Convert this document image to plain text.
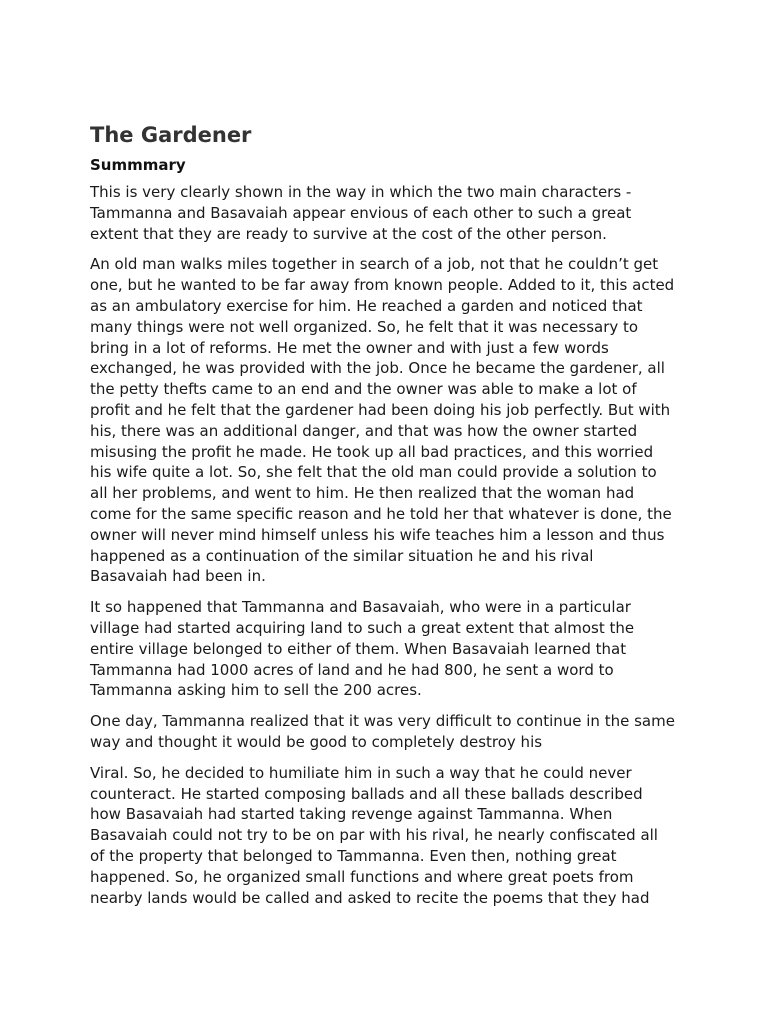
The Gardener
Summmary

This is very clearly shown in the way in which the two main characters -
Tammanna and Basavaiah appear envious of each other to such a great
extent that they are ready to survive at the cost of the other person.

An old man walks miles together in search of a job, not that he couldn’t get
one, but he wanted to be far away from known people. Added to it, this acted
as an ambulatory exercise for him. He reached a garden and noticed that
many things were not well organized. So, he felt that it was necessary to
bring in a lot of reforms. He met the owner and with just a few words
exchanged, he was provided with the job. Once he became the gardener, all
the petty thefts came to an end and the owner was able to make a lot of
profit and he felt that the gardener had been doing his job perfectly. But with
his, there was an additional danger, and that was how the owner started
misusing the profit he made. He took up all bad practices, and this worried
his wife quite a lot. So, she felt that the old man could provide a solution to
all her problems, and went to him. He then realized that the woman had
come for the same specific reason and he told her that whatever is done, the
owner will never mind himself unless his wife teaches him a lesson and thus
happened as a continuation of the similar situation he and his rival
Basavaiah had been in.

It so happened that Tammanna and Basavaiah, who were in a particular
village had started acquiring land to such a great extent that almost the
entire village belonged to either of them. When Basavaiah learned that
Tammanna had 1000 acres of land and he had 800, he sent a word to
Tammanna asking him to sell the 200 acres.

One day, Tammanna realized that it was very difficult to continue in the same
way and thought it would be good to completely destroy his

Viral. So, he decided to humiliate him in such a way that he could never
counteract. He started composing ballads and all these ballads described
how Basavaiah had started taking revenge against Tammanna. When
Basavaiah could not try to be on par with his rival, he nearly confiscated all
of the property that belonged to Tammanna. Even then, nothing great
happened. So, he organized small functions and where great poets from
nearby lands would be called and asked to recite the poems that they had
